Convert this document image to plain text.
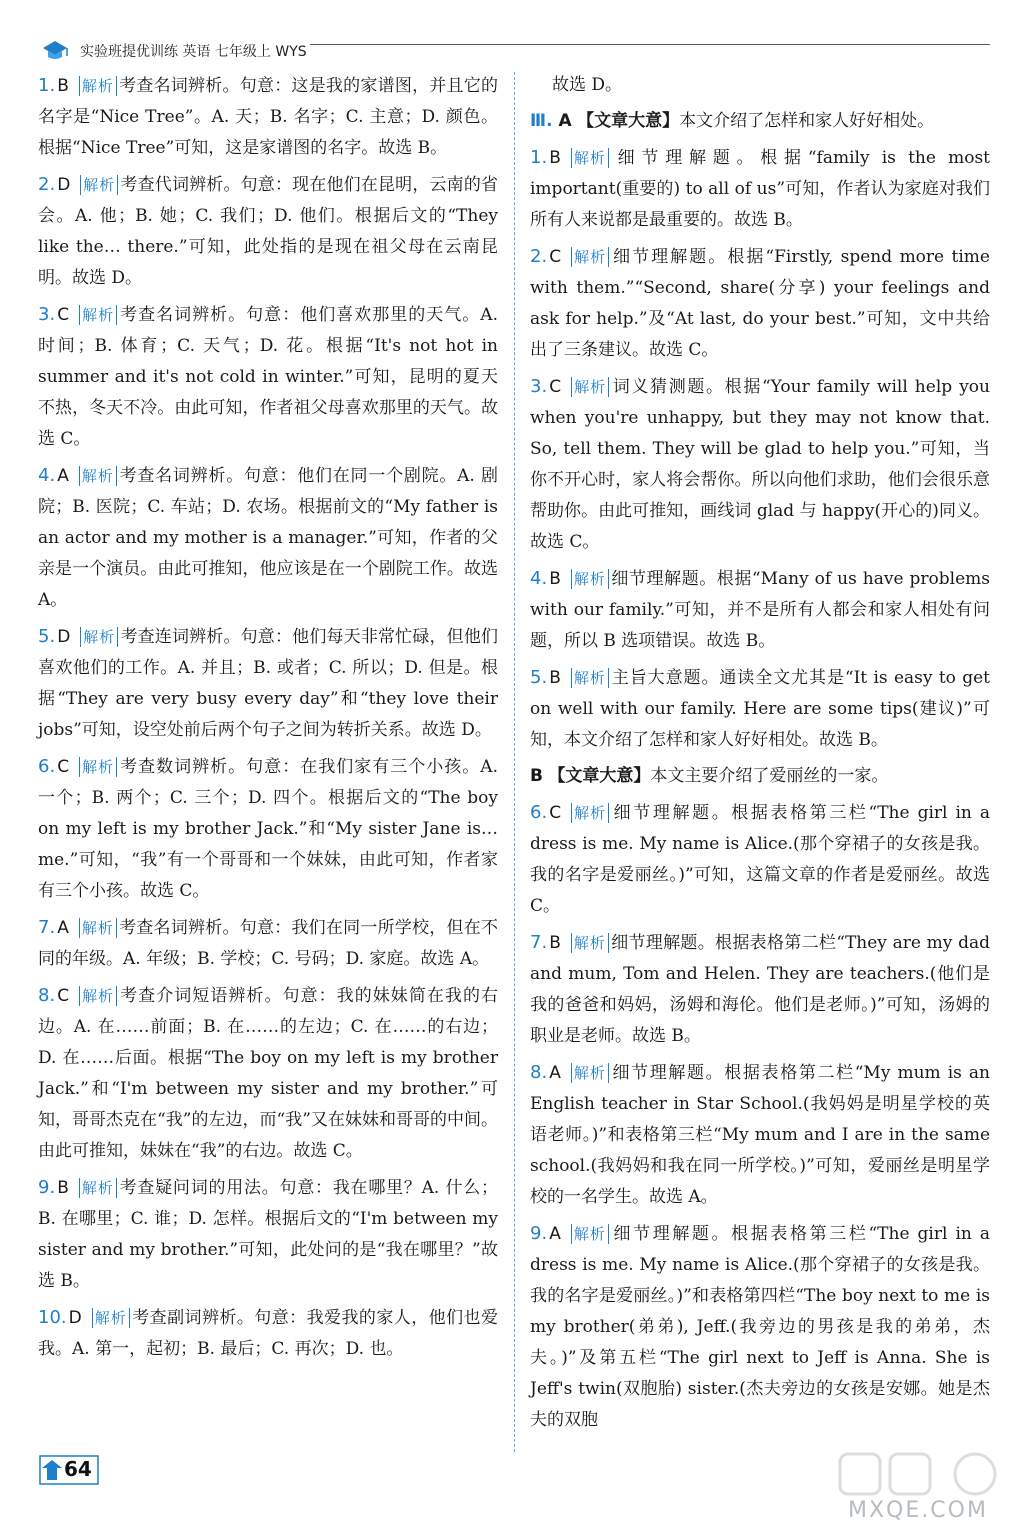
实验班提优训练 英语 七年级上 WYS
1. B 解析 考查名词辨析。句意：这是我的家谱图，并且它的名字是“Nice Tree”。A. 天；B. 名字；C. 主意；D. 颜色。根据“Nice Tree”可知，这是家谱图的名字。故选 B。
2. D 解析 考查代词辨析。句意：现在他们在昆明，云南的省会。A. 他；B. 她；C. 我们；D. 他们。根据后文的“They like the… there.”可知，此处指的是现在祖父母在云南昆明。故选 D。
3. C 解析 考查名词辨析。句意：他们喜欢那里的天气。A. 时间；B. 体育；C. 天气；D. 花。根据“It's not hot in summer and it's not cold in winter.”可知，昆明的夏天不热，冬天不冷。由此可知，作者祖父母喜欢那里的天气。故选 C。
4. A 解析 考查名词辨析。句意：他们在同一个剧院。A. 剧院；B. 医院；C. 车站；D. 农场。根据前文的“My father is an actor and my mother is a manager.”可知，作者的父亲是一个演员。由此可推知，他应该是在一个剧院工作。故选 A。
5. D 解析 考查连词辨析。句意：他们每天非常忙碌，但他们喜欢他们的工作。A. 并且；B. 或者；C. 所以；D. 但是。根据“They are very busy every day”和“they love their jobs”可知，设空处前后两个句子之间为转折关系。故选 D。
6. C 解析 考查数词辨析。句意：在我们家有三个小孩。A. 一个；B. 两个；C. 三个；D. 四个。根据后文的“The boy on my left is my brother Jack.”和“My sister Jane is… me.”可知，“我”有一个哥哥和一个妹妹，由此可知，作者家有三个小孩。故选 C。
7. A 解析 考查名词辨析。句意：我们在同一所学校，但在不同的年级。A. 年级；B. 学校；C. 号码；D. 家庭。故选 A。
8. C 解析 考查介词短语辨析。句意：我的妹妹简在我的右边。A. 在……前面；B. 在……的左边；C. 在……的右边；D. 在……后面。根据“The boy on my left is my brother Jack.”和“I'm between my sister and my brother.”可知，哥哥杰克在“我”的左边，而“我”又在妹妹和哥哥的中间。由此可推知，妹妹在“我”的右边。故选 C。
9. B 解析 考查疑问词的用法。句意：我在哪里？A. 什么；B. 在哪里；C. 谁；D. 怎样。根据后文的“I'm between my sister and my brother.”可知，此处问的是“我在哪里？”故选 B。
10. D 解析 考查副词辨析。句意：我爱我的家人，他们也爱我。A. 第一，起初；B. 最后；C. 再次；D. 也。
故选 D。
Ⅲ. A 【文章大意】本文介绍了怎样和家人好好相处。
1. B 解析 细节理解题。根据“family is the most important(重要的) to all of us”可知，作者认为家庭对我们所有人来说都是最重要的。故选 B。
2. C 解析 细节理解题。根据“Firstly, spend more time with them.”“Second, share(分享) your feelings and ask for help.”及“At last, do your best.”可知，文中共给出了三条建议。故选 C。
3. C 解析 词义猜测题。根据“Your family will help you when you're unhappy, but they may not know that. So, tell them. They will be glad to help you.”可知，当你不开心时，家人将会帮你。所以向他们求助，他们会很乐意帮助你。由此可推知，画线词 glad 与 happy(开心的)同义。故选 C。
4. B 解析 细节理解题。根据“Many of us have problems with our family.”可知，并不是所有人都会和家人相处有问题，所以 B 选项错误。故选 B。
5. B 解析 主旨大意题。通读全文尤其是“It is easy to get on well with our family. Here are some tips(建议)”可知，本文介绍了怎样和家人好好相处。故选 B。
B 【文章大意】本文主要介绍了爱丽丝的一家。
6. C 解析 细节理解题。根据表格第三栏“The girl in a dress is me. My name is Alice.(那个穿裙子的女孩是我。我的名字是爱丽丝。)”可知，这篇文章的作者是爱丽丝。故选 C。
7. B 解析 细节理解题。根据表格第二栏“They are my dad and mum, Tom and Helen. They are teachers.(他们是我的爸爸和妈妈，汤姆和海伦。他们是老师。)”可知，汤姆的职业是老师。故选 B。
8. A 解析 细节理解题。根据表格第二栏“My mum is an English teacher in Star School.(我妈妈是明星学校的英语老师。)”和表格第三栏“My mum and I are in the same school.(我妈妈和我在同一所学校。)”可知，爱丽丝是明星学校的一名学生。故选 A。
9. A 解析 细节理解题。根据表格第三栏“The girl in a dress is me. My name is Alice.(那个穿裙子的女孩是我。我的名字是爱丽丝。)”和表格第四栏“The boy next to me is my brother(弟弟), Jeff.(我旁边的男孩是我的弟弟，杰夫。)”及第五栏“The girl next to Jeff is Anna. She is Jeff's twin(双胞胎) sister.(杰夫旁边的女孩是安娜。她是杰夫的双胞
64
MXQE.COM
